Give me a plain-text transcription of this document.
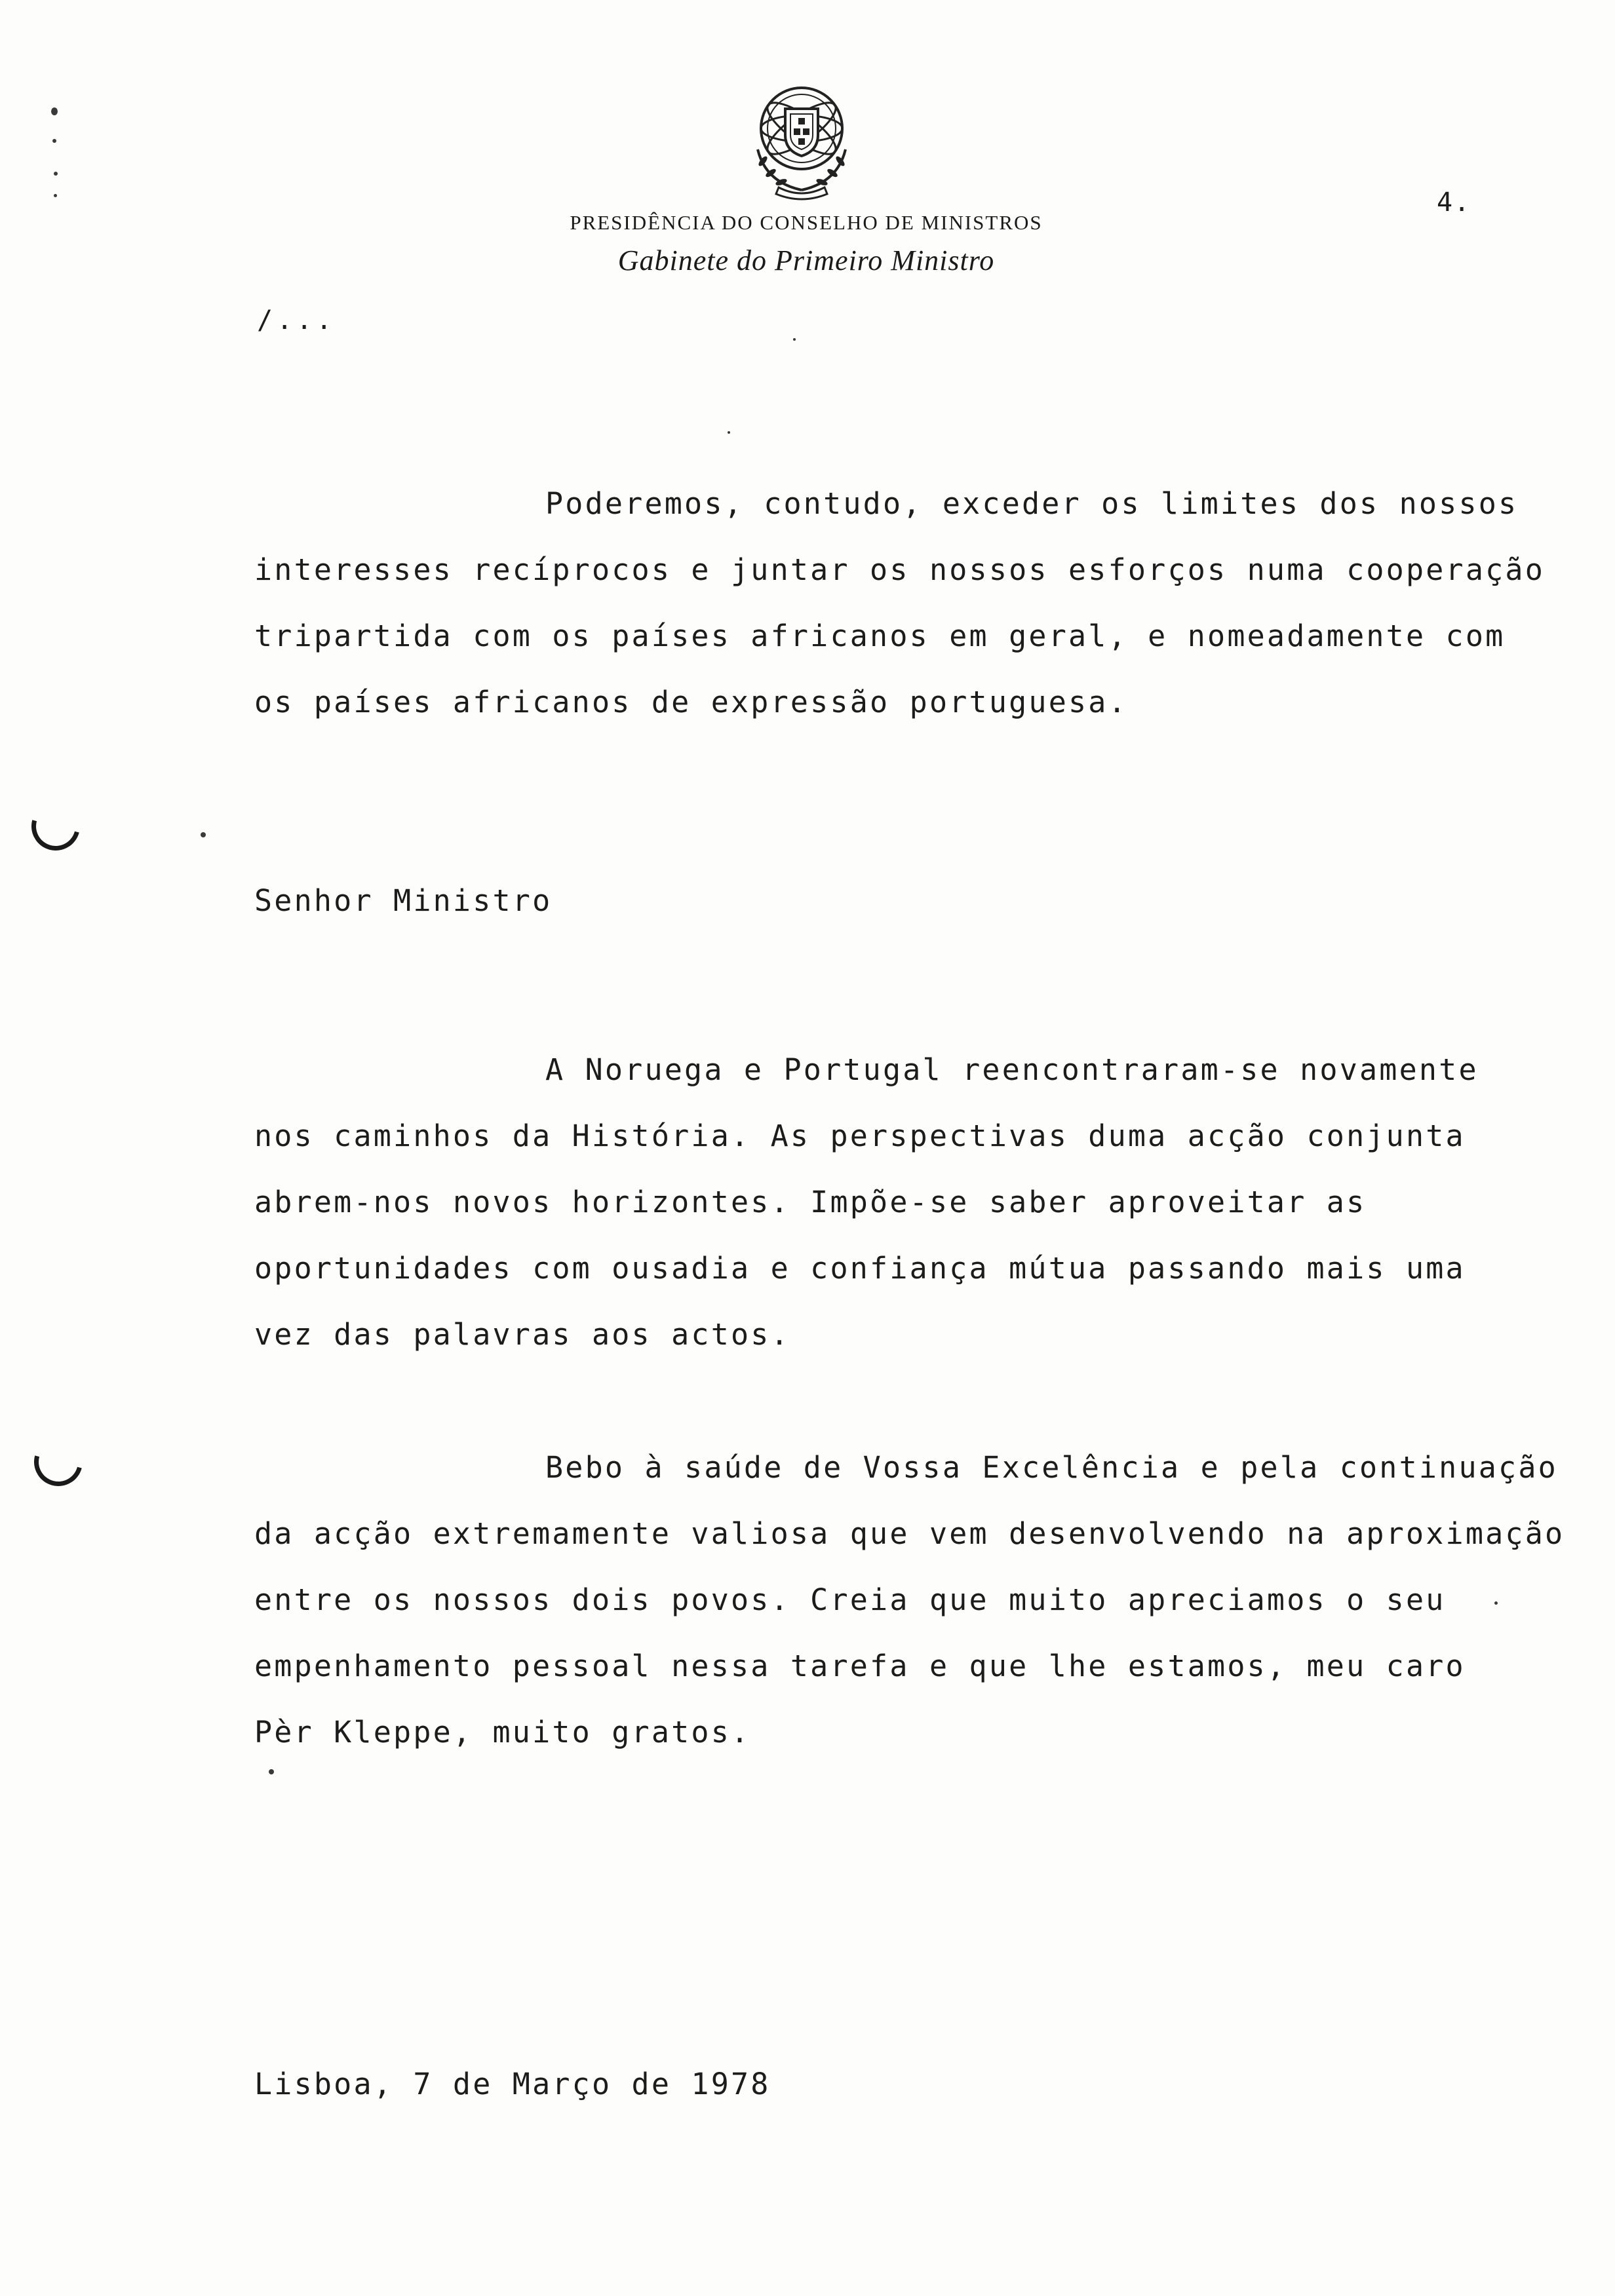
PRESIDÊNCIA DO CONSELHO DE MINISTROS
Gabinete do Primeiro Ministro
4.
/...
Poderemos, contudo, exceder os limites dos nossos
interesses recíprocos e juntar os nossos esforços numa cooperação
tripartida com os países africanos em geral, e nomeadamente com
os países africanos de expressão portuguesa.
Senhor Ministro
A Noruega e Portugal reencontraram-se novamente
nos caminhos da História. As perspectivas duma acção conjunta
abrem-nos novos horizontes. Impõe-se saber aproveitar as
oportunidades com ousadia e confiança mútua passando mais uma
vez das palavras aos actos.
Bebo à saúde de Vossa Excelência e pela continuação
da acção extremamente valiosa que vem desenvolvendo na aproximação
entre os nossos dois povos. Creia que muito apreciamos o seu
empenhamento pessoal nessa tarefa e que lhe estamos, meu caro
Pèr Kleppe, muito gratos.
Lisboa, 7 de Março de 1978
